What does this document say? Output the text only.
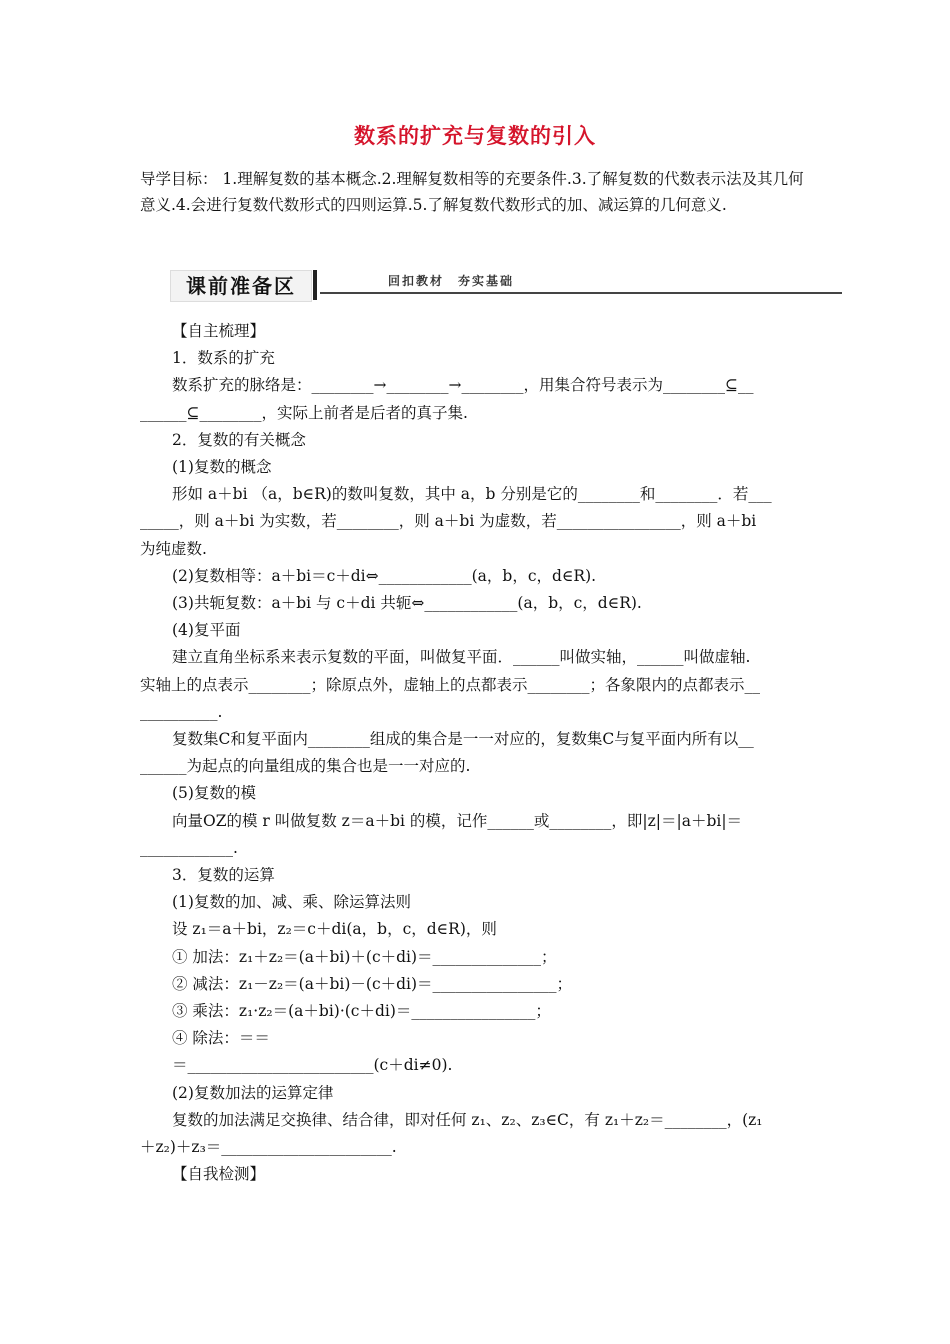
数系的扩充与复数的引入
导学目标： 1.理解复数的基本概念.2.理解复数相等的充要条件.3.了解复数的代数表示法及其几何意义.4.会进行复数代数形式的四则运算.5.了解复数代数形式的加、减运算的几何意义.
课前准备区	回扣教材　夯实基础
【自主梳理】
1．数系的扩充
数系扩充的脉络是：________→________→________，用集合符号表示为________⊆__
______⊆________，实际上前者是后者的真子集.
2．复数的有关概念
(1)复数的概念
形如 a＋bi （a，b∈R)的数叫复数，其中 a，b 分别是它的________和________．若___
_____，则 a＋bi 为实数，若________，则 a＋bi 为虚数，若________________，则 a＋bi
为纯虚数.
(2)复数相等：a＋bi＝c＋di⇔____________(a，b，c，d∈R).
(3)共轭复数：a＋bi 与 c＋di 共轭⇔____________(a，b，c，d∈R).
(4)复平面
建立直角坐标系来表示复数的平面，叫做复平面．______叫做实轴，______叫做虚轴.
实轴上的点表示________；除原点外，虚轴上的点都表示________；各象限内的点都表示__
__________.
复数集C和复平面内________组成的集合是一一对应的，复数集C与复平面内所有以__
______为起点的向量组成的集合也是一一对应的.
(5)复数的模
向量OZ的模 r 叫做复数 z＝a＋bi 的模，记作______或________，即|z|＝|a＋bi|＝
____________.
3．复数的运算
(1)复数的加、减、乘、除运算法则
设 z₁＝a＋bi，z₂＝c＋di(a，b，c，d∈R)，则
① 加法：z₁＋z₂＝(a＋bi)＋(c＋di)＝______________；
② 减法：z₁－z₂＝(a＋bi)－(c＋di)＝________________；
③ 乘法：z₁·z₂＝(a＋bi)·(c＋di)＝________________；
④ 除法：＝＝
＝________________________(c＋di≠0).
(2)复数加法的运算定律
复数的加法满足交换律、结合律，即对任何 z₁、z₂、z₃∈C，有 z₁＋z₂＝________，(z₁
＋z₂)＋z₃＝______________________.
【自我检测】
